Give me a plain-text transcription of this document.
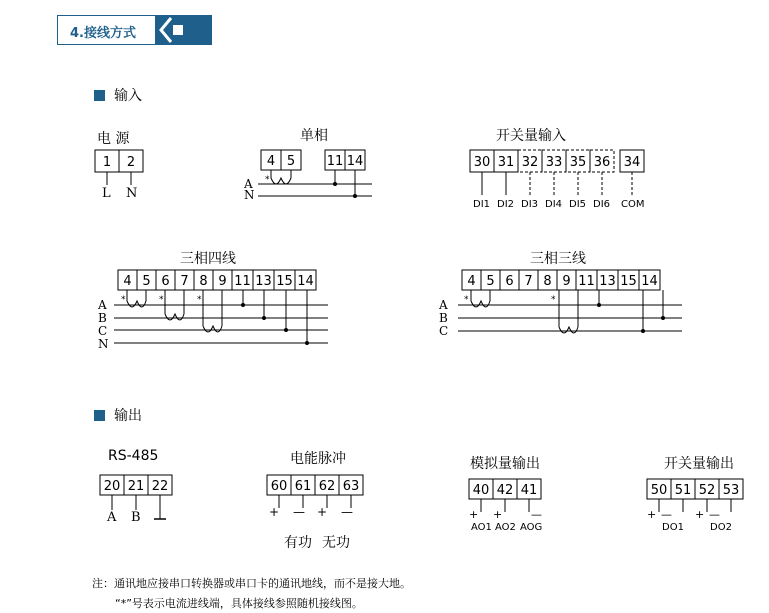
4.接线方式
输入
输出
电 源	单相	开关量输入
三相四线	三相三线
RS-485	电能脉冲	模拟量输出	开关量输出
1 2
L N
4 5 11 14
*
A
N
30 31 32 33 35 36 34
DI1 DI2 DI3 DI4 DI5 DI6 COM
4 5 6 7 8 9 11 13 15 14
*	*	*
A
B
C
N
4 5 6 7 8 9 11 13 15 14
*	*
A
B
C
20 21 22
A B
60 61 62 63
+ — + —
有功 无功
40 42 41
+ +	—
AO1 AO2 AOG
50 51 52 53
+ — + —
DO1	DO2
注：通讯地应接串口转换器或串口卡的通讯地线，而不是接大地。
“*”号表示电流进线端，具体接线参照随机接线图。
